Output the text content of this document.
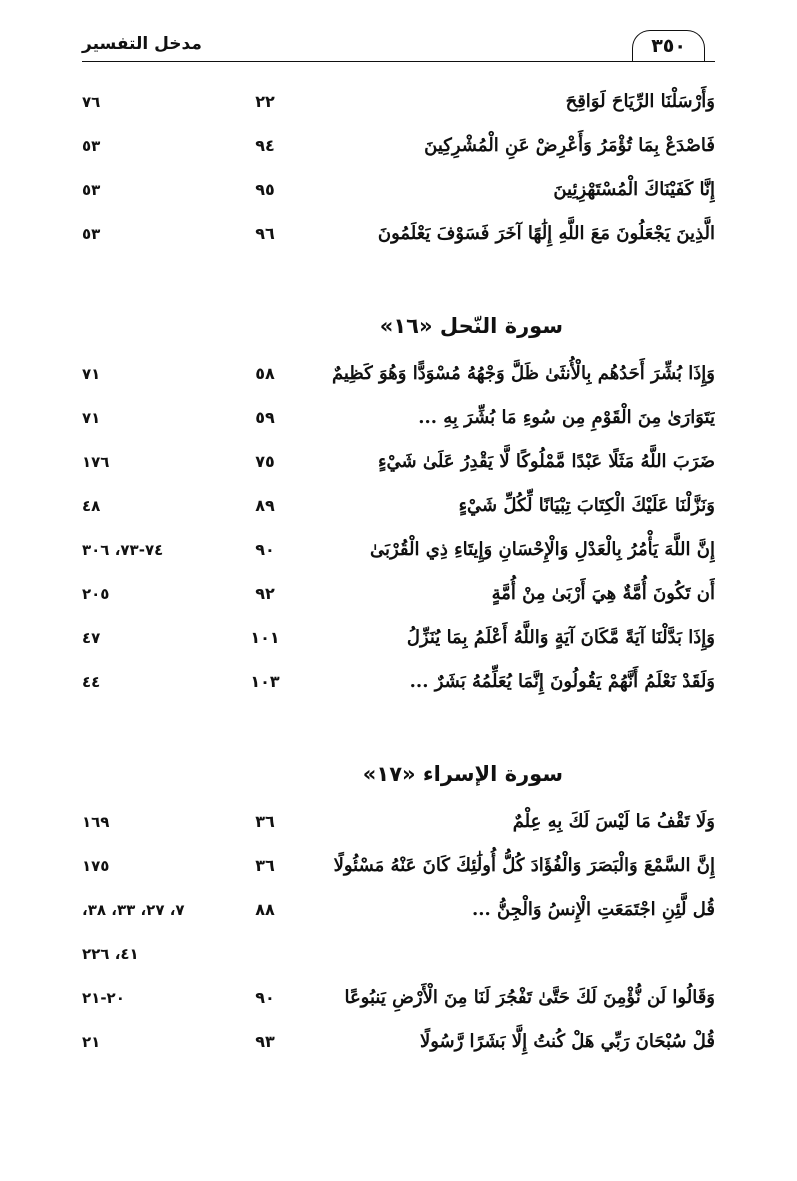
٣٥٠
مدخل التفسير
وَأَرْسَلْنَا الرِّيَاحَ لَوَاقِحَ
٢٢
٧٦
فَاصْدَعْ بِمَا تُؤْمَرُ وَأَعْرِضْ عَنِ الْمُشْرِكِينَ
٩٤
٥٣
إِنَّا كَفَيْنَاكَ الْمُسْتَهْزِئِينَ
٩٥
٥٣
الَّذِينَ يَجْعَلُونَ مَعَ اللَّهِ إِلَٰهًا آخَرَ فَسَوْفَ يَعْلَمُونَ
٩٦
٥٣
سورة النّحل «١٦»
وَإِذَا بُشِّرَ أَحَدُهُم بِالْأُنثَىٰ ظَلَّ وَجْهُهُ مُسْوَدًّا وَهُوَ كَظِيمٌ
٥٨
٧١
يَتَوَارَىٰ مِنَ الْقَوْمِ مِن سُوءِ مَا بُشِّرَ بِهِ ...
٥٩
٧١
ضَرَبَ اللَّهُ مَثَلًا عَبْدًا مَّمْلُوكًا لَّا يَقْدِرُ عَلَىٰ شَيْءٍ
٧٥
١٧٦
وَنَزَّلْنَا عَلَيْكَ الْكِتَابَ تِبْيَانًا لِّكُلِّ شَيْءٍ
٨٩
٤٨
إِنَّ اللَّهَ يَأْمُرُ بِالْعَدْلِ وَالْإِحْسَانِ وَإِيتَاءِ ذِي الْقُرْبَىٰ
٩٠
٧٤-٧٣، ٣٠٦
أَن تَكُونَ أُمَّةٌ هِيَ أَرْبَىٰ مِنْ أُمَّةٍ
٩٢
٢٠٥
وَإِذَا بَدَّلْنَا آيَةً مَّكَانَ آيَةٍ وَاللَّهُ أَعْلَمُ بِمَا يُنَزِّلُ
١٠١
٤٧
وَلَقَدْ نَعْلَمُ أَنَّهُمْ يَقُولُونَ إِنَّمَا يُعَلِّمُهُ بَشَرٌ ...
١٠٣
٤٤
سورة الإسراء «١٧»
وَلَا تَقْفُ مَا لَيْسَ لَكَ بِهِ عِلْمٌ
٣٦
١٦٩
إِنَّ السَّمْعَ وَالْبَصَرَ وَالْفُؤَادَ كُلُّ أُولَٰئِكَ كَانَ عَنْهُ مَسْئُولًا
٣٦
١٧٥
قُل لَّئِنِ اجْتَمَعَتِ الْإِنسُ وَالْجِنُّ ...
٨٨
٧، ٢٧، ٣٣، ٣٨،
٤١، ٢٢٦
وَقَالُوا لَن نُّؤْمِنَ لَكَ حَتَّىٰ تَفْجُرَ لَنَا مِنَ الْأَرْضِ يَنبُوعًا
٩٠
٢٠-٢١
قُلْ سُبْحَانَ رَبِّي هَلْ كُنتُ إِلَّا بَشَرًا رَّسُولًا
٩٣
٢١
